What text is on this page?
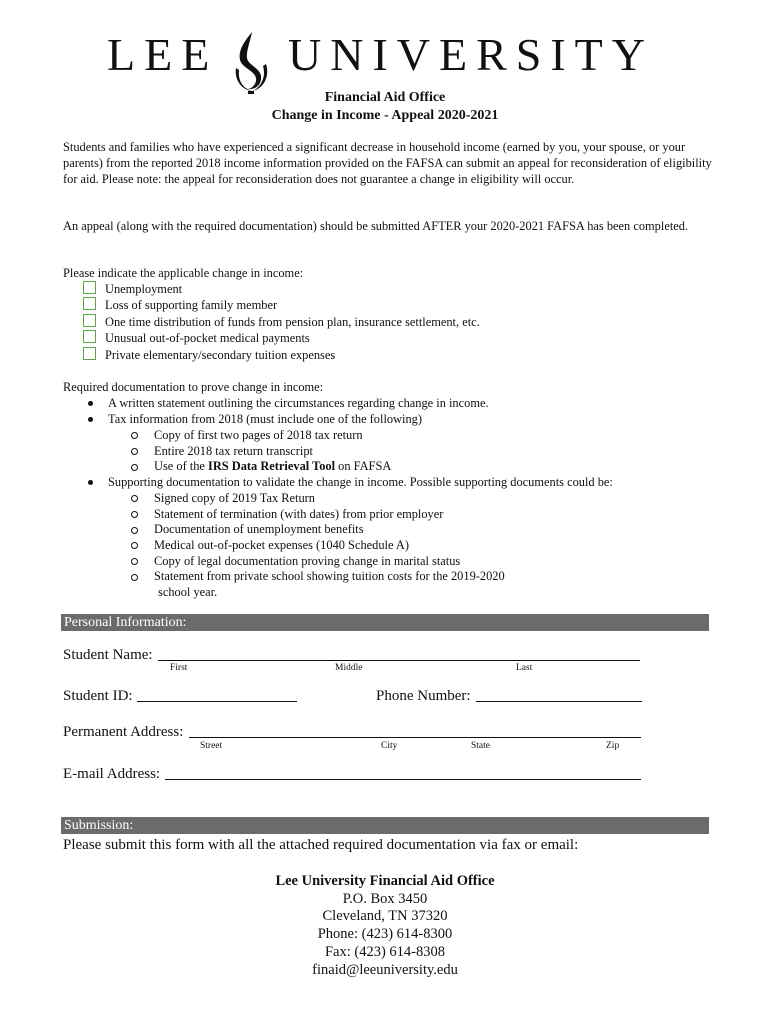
LEE UNIVERSITY
Financial Aid Office
Change in Income - Appeal 2020-2021
Students and families who have experienced a significant decrease in household income (earned by you, your spouse, or your parents) from the reported 2018 income information provided on the FAFSA can submit an appeal for reconsideration of eligibility for aid. Please note: the appeal for reconsideration does not guarantee a change in eligibility will occur.
An appeal (along with the required documentation) should be submitted AFTER your 2020-2021 FAFSA has been completed.
Please indicate the applicable change in income:
Unemployment
Loss of supporting family member
One time distribution of funds from pension plan, insurance settlement, etc.
Unusual out-of-pocket medical payments
Private elementary/secondary tuition expenses
Required documentation to prove change in income:
A written statement outlining the circumstances regarding change in income.
Tax information from 2018 (must include one of the following)
Copy of first two pages of 2018 tax return
Entire 2018 tax return transcript
Use of the IRS Data Retrieval Tool on FAFSA
Supporting documentation to validate the change in income. Possible supporting documents could be:
Signed copy of 2019 Tax Return
Statement of termination (with dates) from prior employer
Documentation of unemployment benefits
Medical out-of-pocket expenses (1040 Schedule A)
Copy of legal documentation proving change in marital status
Statement from private school showing tuition costs for the 2019-2020
school year.
Personal Information:
Student Name:
First	Middle	Last
Student ID:	Phone Number:
Permanent Address:
Street	City	State	Zip
E-mail Address:
Submission:
Please submit this form with all the attached required documentation via fax or email:
Lee University Financial Aid Office
P.O. Box 3450
Cleveland, TN 37320
Phone: (423) 614-8300
Fax: (423) 614-8308
finaid@leeuniversity.edu
